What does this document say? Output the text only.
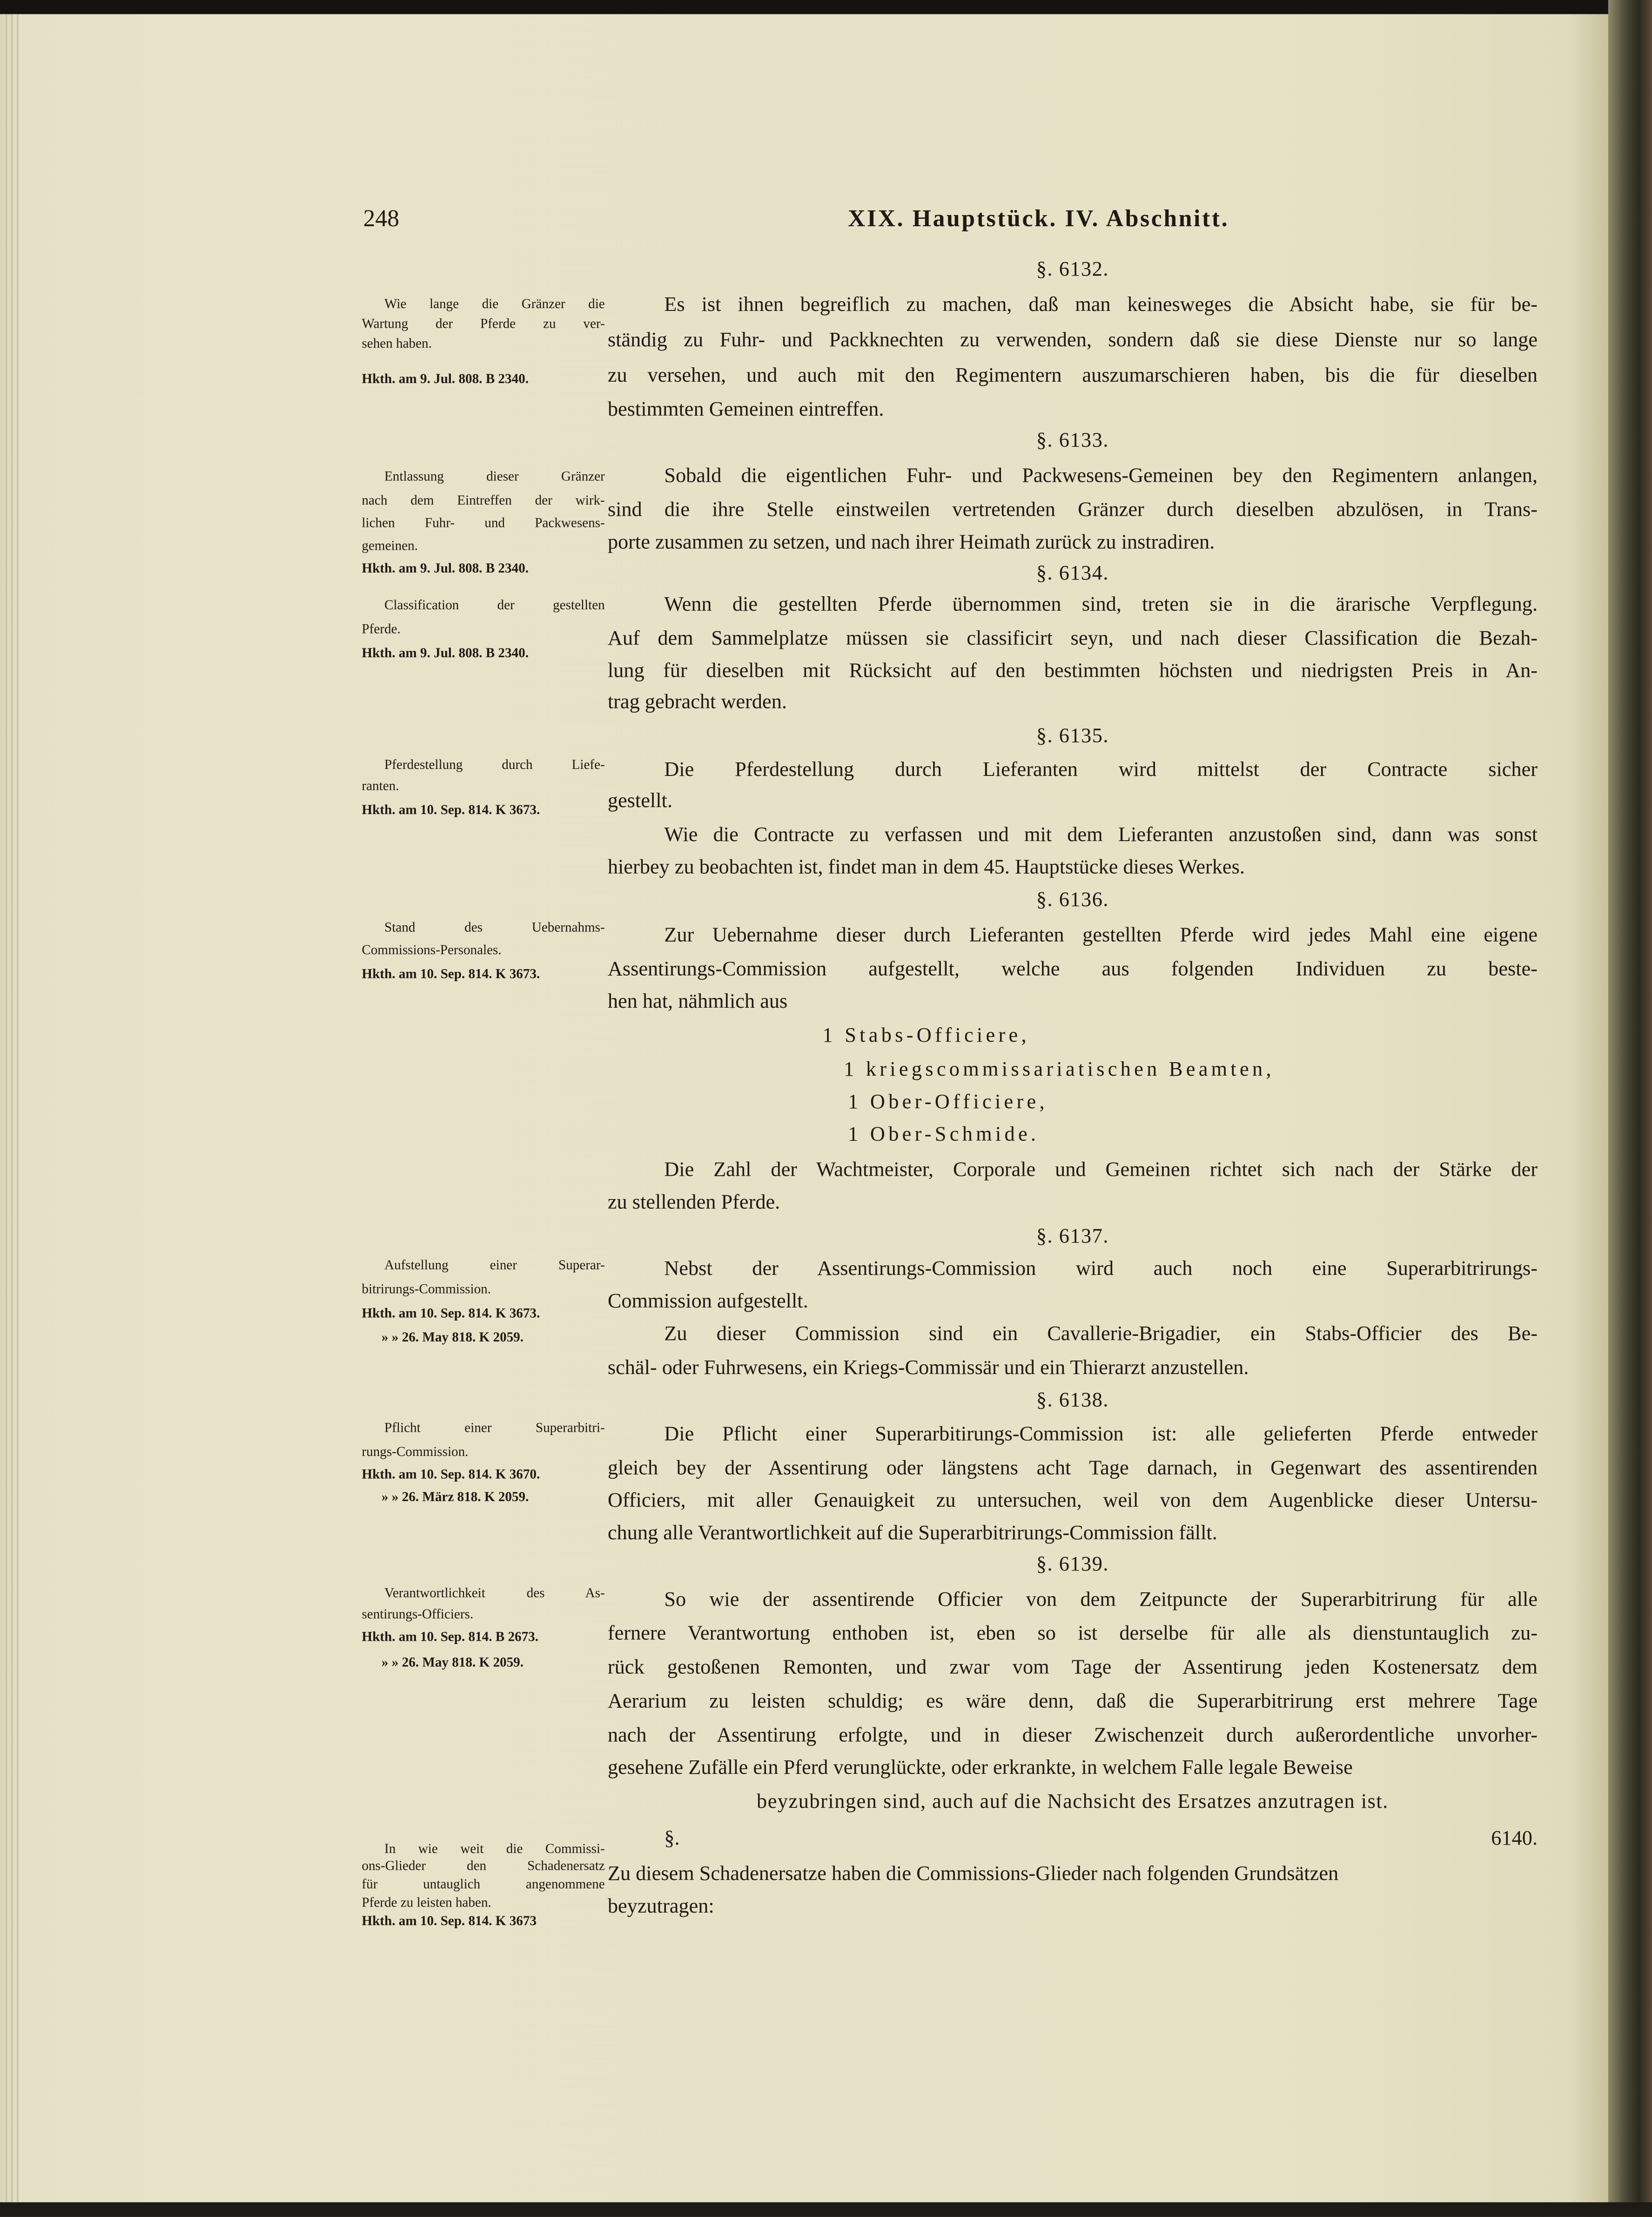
248	XIX. Hauptstück. IV. Abschnitt.
§. 6132.
Es ist ihnen begreiflich zu machen, daß man keinesweges die Absicht habe, sie für be-
ständig zu Fuhr- und Packknechten zu verwenden, sondern daß sie diese Dienste nur so lange
zu versehen, und auch mit den Regimentern auszumarschieren haben, bis die für dieselben
bestimmten Gemeinen eintreffen.
§. 6133.
Sobald die eigentlichen Fuhr- und Packwesens-Gemeinen bey den Regimentern anlangen,
sind die ihre Stelle einstweilen vertretenden Gränzer durch dieselben abzulösen, in Trans-
porte zusammen zu setzen, und nach ihrer Heimath zurück zu instradiren.
§. 6134.
Wenn die gestellten Pferde übernommen sind, treten sie in die ärarische Verpflegung.
Auf dem Sammelplatze müssen sie classificirt seyn, und nach dieser Classification die Bezah-
lung für dieselben mit Rücksicht auf den bestimmten höchsten und niedrigsten Preis in An-
trag gebracht werden.
§. 6135.
Die Pferdestellung durch Lieferanten wird mittelst der Contracte sicher
gestellt.
Wie die Contracte zu verfassen und mit dem Lieferanten anzustoßen sind, dann was sonst
hierbey zu beobachten ist, findet man in dem 45. Hauptstücke dieses Werkes.
§. 6136.
Zur Uebernahme dieser durch Lieferanten gestellten Pferde wird jedes Mahl eine eigene
Assentirungs-Commission aufgestellt, welche aus folgenden Individuen zu beste-
hen hat, nähmlich aus
1 Stabs-Officiere,
1 kriegscommissariatischen Beamten,
1 Ober-Officiere,
1 Ober-Schmide.
Die Zahl der Wachtmeister, Corporale und Gemeinen richtet sich nach der Stärke der
zu stellenden Pferde.
§. 6137.
Nebst der Assentirungs-Commission wird auch noch eine Superarbitrirungs-
Commission aufgestellt.
Zu dieser Commission sind ein Cavallerie-Brigadier, ein Stabs-Officier des Be-
schäl- oder Fuhrwesens, ein Kriegs-Commissär und ein Thierarzt anzustellen.
§. 6138.
Die Pflicht einer Superarbitirungs-Commission ist: alle gelieferten Pferde entweder
gleich bey der Assentirung oder längstens acht Tage darnach, in Gegenwart des assentirenden
Officiers, mit aller Genauigkeit zu untersuchen, weil von dem Augenblicke dieser Untersu-
chung alle Verantwortlichkeit auf die Superarbitrirungs-Commission fällt.
§. 6139.
So wie der assentirende Officier von dem Zeitpuncte der Superarbitrirung für alle
fernere Verantwortung enthoben ist, eben so ist derselbe für alle als dienstuntauglich zu-
rück gestoßenen Remonten, und zwar vom Tage der Assentirung jeden Kostenersatz dem
Aerarium zu leisten schuldig; es wäre denn, daß die Superarbitrirung erst mehrere Tage
nach der Assentirung erfolgte, und in dieser Zwischenzeit durch außerordentliche unvorher-
gesehene Zufälle ein Pferd verunglückte, oder erkrankte, in welchem Falle legale Beweise
beyzubringen sind, auch auf die Nachsicht des Ersatzes anzutragen ist.
§. 6140.
Zu diesem Schadenersatze haben die Commissions-Glieder nach folgenden Grundsätzen
beyzutragen:
Wie lange die Gränzer die
Wartung der Pferde zu ver-
sehen haben.
Hkth. am 9. Jul. 808. B 2340.
Entlassung dieser Gränzer
nach dem Eintreffen der wirk-
lichen Fuhr- und Packwesens-
gemeinen.
Hkth. am 9. Jul. 808. B 2340.
Classification der gestellten
Pferde.
Hkth. am 9. Jul. 808. B 2340.
Pferdestellung durch Liefe-
ranten.
Hkth. am 10. Sep. 814. K 3673.
Stand des Uebernahms-
Commissions-Personales.
Hkth. am 10. Sep. 814. K 3673.
Aufstellung einer Superar-
bitrirungs-Commission.
Hkth. am 10. Sep. 814. K 3673.
» » 26. May 818. K 2059.
Pflicht einer Superarbitri-
rungs-Commission.
Hkth. am 10. Sep. 814. K 3670.
» » 26. März 818. K 2059.
Verantwortlichkeit des As-
sentirungs-Officiers.
Hkth. am 10. Sep. 814. B 2673.
» » 26. May 818. K 2059.
In wie weit die Commissi-
ons-Glieder den Schadenersatz
für untauglich angenommene
Pferde zu leisten haben.
Hkth. am 10. Sep. 814. K 3673
